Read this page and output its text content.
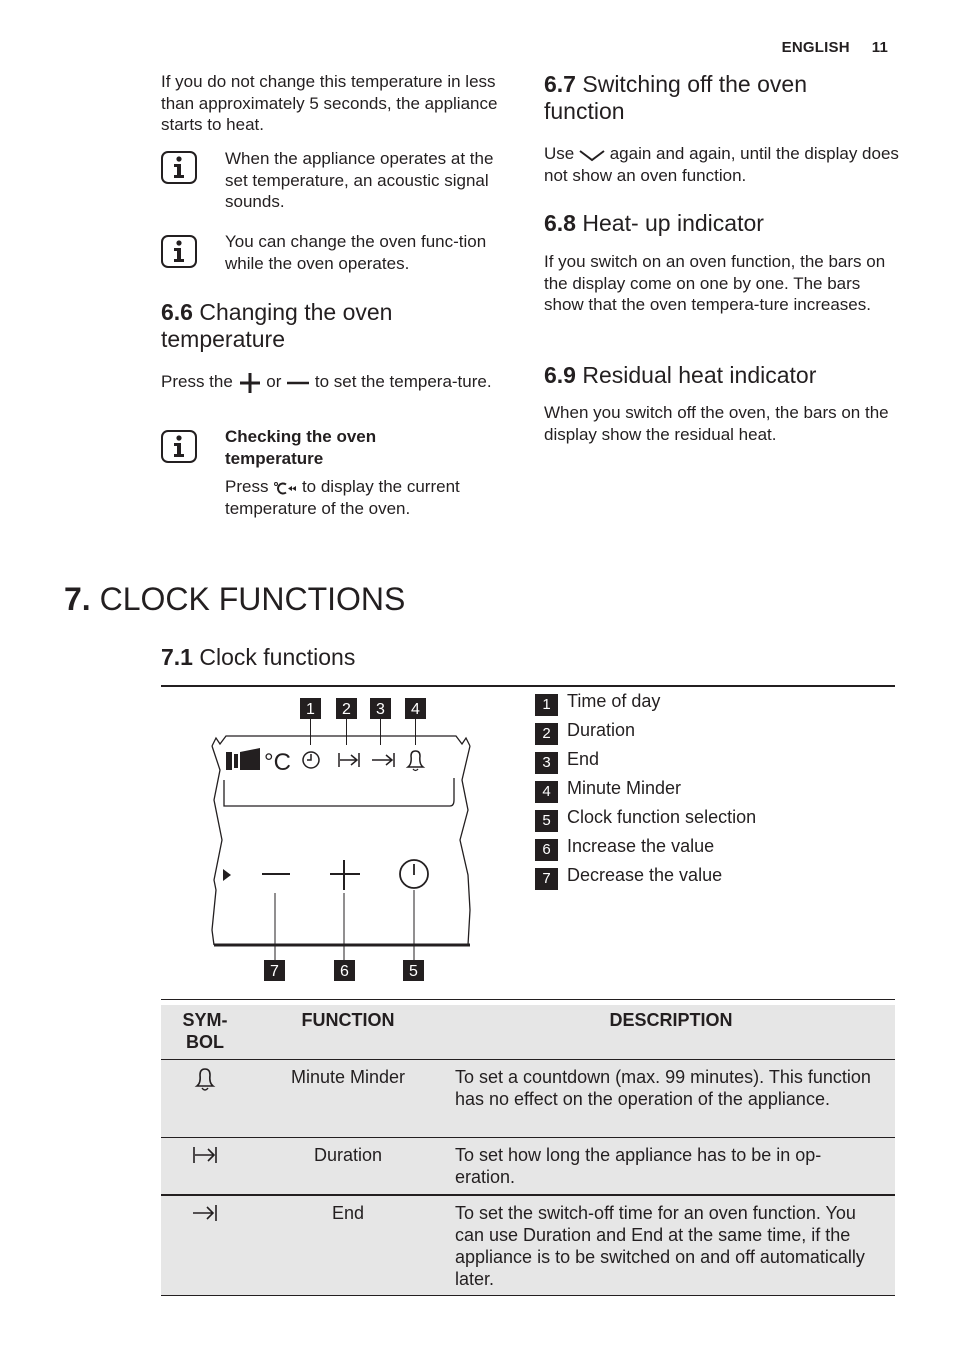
ENGLISH 11

If you do not change this temperature in less than approximately 5 seconds, the appliance starts to heat.

When the appliance operates at the set temperature, an acoustic signal sounds.

You can change the oven func-tion while the oven operates.

6.6 Changing the oven temperature

Press the or to set the tempera-ture.

Checking the oven temperature

Press to display the current temperature of the oven.

6.7 Switching off the oven function

Use again and again, until the display does not show an oven function.

6.8 Heat- up indicator

If you switch on an oven function, the bars on the display come on one by one. The bars show that the oven tempera-ture increases.

6.9 Residual heat indicator

When you switch off the oven, the bars on the display show the residual heat.

7. CLOCK FUNCTIONS
7.1 Clock functions
1 2 3 4
°C
7	6	5
1 Time of day
2 Duration
3 End
4 Minute Minder
5 Clock function selection
6 Increase the value
7 Decrease the value
SYM-
BOL	FUNCTION	DESCRIPTION
	Minute Minder	To set a countdown (max. 99 minutes). This function has no effect on the operation of the appliance.
	Duration	To set how long the appliance has to be in op-eration.
	End	To set the switch-off time for an oven function. You can use Duration and End at the same time, if the appliance is to be switched on and off automatically later.
